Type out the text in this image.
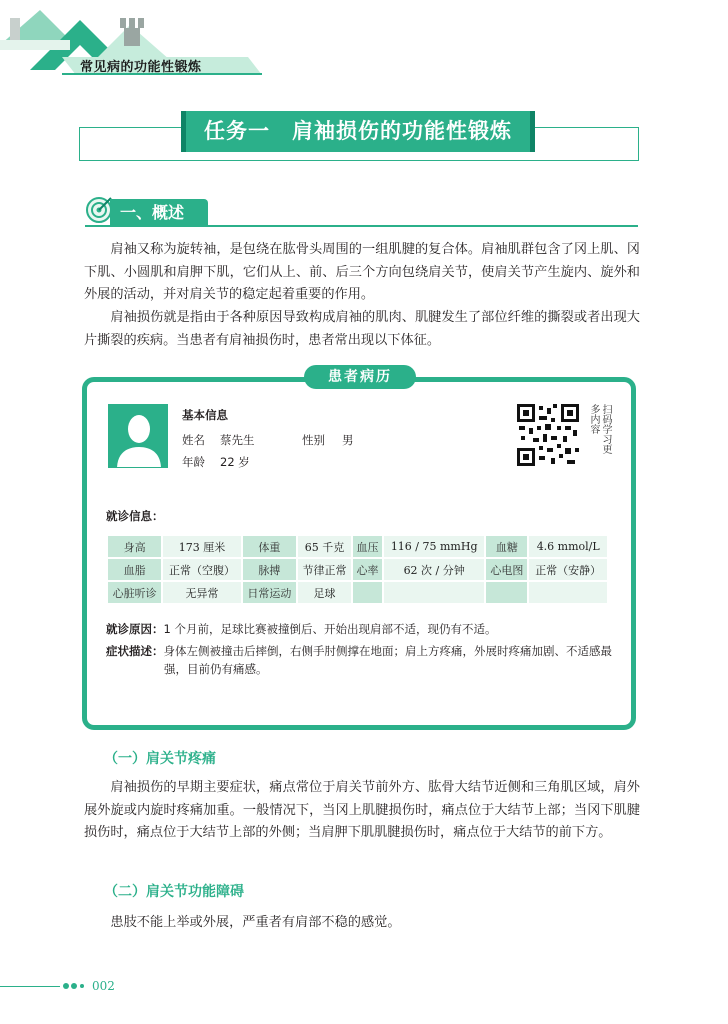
常见病的功能性锻炼
任务一　肩袖损伤的功能性锻炼
一、概述

肩袖又称为旋转袖，是包绕在肱骨头周围的一组肌腱的复合体。肩袖肌群包含了冈上肌、冈下肌、小圆肌和肩胛下肌，它们从上、前、后三个方向包绕肩关节，使肩关节产生旋内、旋外和外展的活动，并对肩关节的稳定起着重要的作用。

肩袖损伤就是指由于各种原因导致构成肩袖的肌肉、肌腱发生了部位纤维的撕裂或者出现大片撕裂的疾病。当患者有肩袖损伤时，患者常出现以下体征。

患者病历
基本信息
姓名 蔡先生	性别 男
年龄 22 岁
多内容 扫码学习更
就诊信息：
身高	173 厘米	体重	65 千克	血压	116 / 75 mmHg	血糖	4.6 mmol/L
血脂	正常（空腹）	脉搏	节律正常	心率	62 次 / 分钟	心电图	正常（安静）
心脏听诊	无异常	日常运动	足球				
就诊原因：1 个月前，足球比赛被撞倒后、开始出现肩部不适，现仍有不适。
症状描述：身体左侧被撞击后摔倒，右侧手肘侧撑在地面；肩上方疼痛，外展时疼痛加剧、不适感最强，目前仍有痛感。
（一）肩关节疼痛

肩袖损伤的早期主要症状，痛点常位于肩关节前外方、肱骨大结节近侧和三角肌区域，肩外展外旋或内旋时疼痛加重。一般情况下，当冈上肌腱损伤时，痛点位于大结节上部；当冈下肌腱损伤时，痛点位于大结节上部的外侧；当肩胛下肌肌腱损伤时，痛点位于大结节的前下方。

（二）肩关节功能障碍

患肢不能上举或外展，严重者有肩部不稳的感觉。

002
